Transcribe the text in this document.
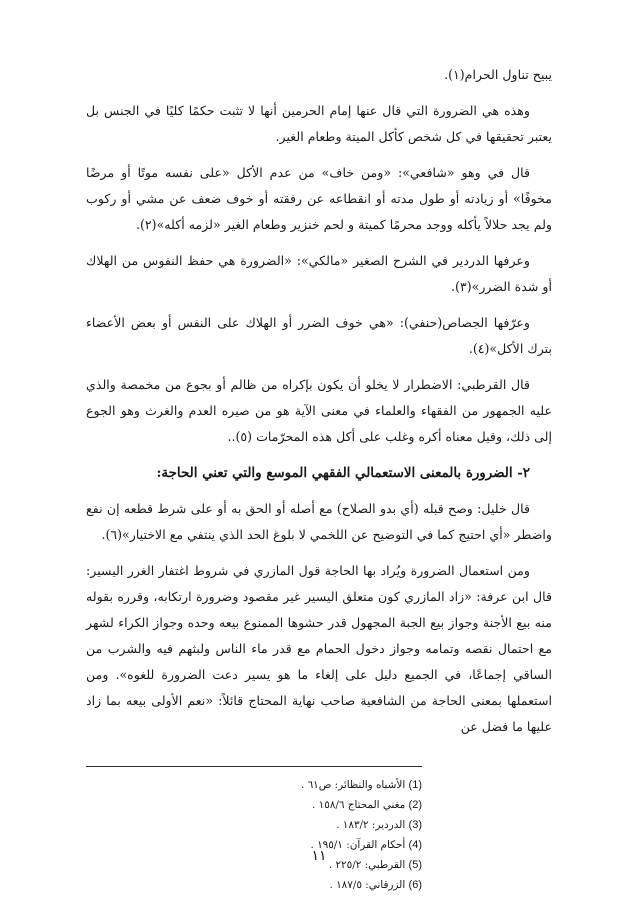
يبيح تناول الحرام(١).

وهذه هي الضرورة التي قال عنها إمام الحرمين أنها لا تثبت حكمًا كليًا في الجنس بل يعتبر تحقيقها في كل شخص كأكل الميتة وطعام الغير.

قال في وهو «شافعي»: «ومن خاف» من عدم الأكل «على نفسه موتًا أو مرضًا مخوفًا» أو زيادته أو طول مدته أو انقطاعه عن رفقته أو خوف ضعف عن مشي أو ركوب ولم يجد حلالاً يأكله ووجد محرمًا كميتة و لحم خنزير وطعام الغير «لزمه أكله»(٢).

وعرفها الدردير في الشرح الصغير «مالكي»: «الضرورة هي حفظ النفوس من الهلاك أو شدة الضرر»(٣).

وعرّفها الجصاص(حنفي): «هي خوف الضرر أو الهلاك على النفس أو بعض الأعضاء بترك الأكل»(٤).

قال القرطبي: الاضطرار لا يخلو أن يكون بإكراه من ظالم أو بجوع من مخمصة والذي عليه الجمهور من الفقهاء والعلماء في معنى الآية هو من صيره العدم والغرث وهو الجوع إلى ذلك، وقيل معناه أكره وغلب على أكل هذه المحرّمات (٥)..

٢- الضرورة بالمعنى الاستعمالي الفقهي الموسع والتي تعني الحاجة:

قال خليل: وصح قبله (أي بدو الصلاح) مع أصله أو الحق به أو على شرط قطعه إن نفع واضطر «أي احتيج كما في التوضيح عن اللخمي لا بلوغ الحد الذي ينتفي مع الاختيار»(٦).

ومن استعمال الضرورة ويُراد بها الحاجة قول المازري في شروط اغتفار الغرر اليسير: قال ابن عرفة: «زاد المازري كون متعلق اليسير غير مقصود وضرورة ارتكابه، وقرره بقوله منه بيع الأجنة وجواز بيع الجبة المجهول قدر حشوها الممنوع بيعه وحده وجواز الكراء لشهر مع احتمال نقصه وتمامه وجواز دخول الحمام مع قدر ماء الناس ولبثهم فيه والشرب من الساقي إجماعًا، في الجميع دليل على إلغاء ما هو يسير دعت الضرورة للغوه». ومن استعملها بمعنى الحاجة من الشافعية صاحب نهاية المحتاج قائلاً: «نعم الأولى بيعه بما زاد عليها ما فضل عن

(1) الأشباه والنظائر: ص٦١ .
(2) مغني المحتاج ١٥٨/٦ .
(3) الدردير: ١٨٣/٢ .
(4) أحكام القرآن: ١٩٥/١ .
(5) القرطبي: ٢٢٥/٢ .
(6) الزرقاني: ١٨٧/٥ .
١١
